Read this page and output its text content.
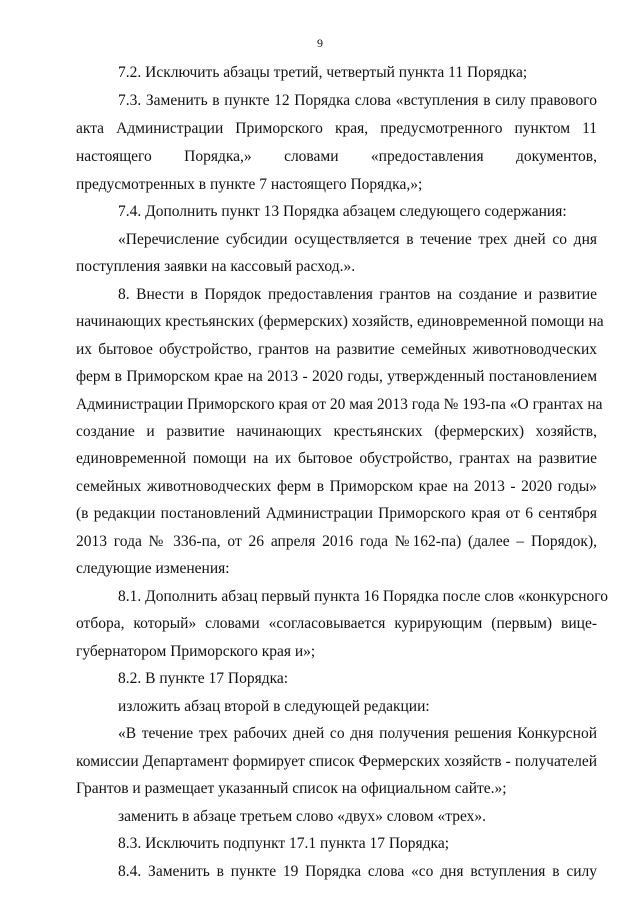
9
7.2. Исключить абзацы третий, четвертый пункта 11 Порядка;
7.3. Заменить в пункте 12 Порядка слова «вступления в силу правового
акта Администрации Приморского края, предусмотренного пунктом 11
настоящего Порядка,» словами «предоставления документов,
предусмотренных в пункте 7 настоящего Порядка,»;
7.4. Дополнить пункт 13 Порядка абзацем следующего содержания:
«Перечисление субсидии осуществляется в течение трех дней со дня
поступления заявки на кассовый расход.».
8. Внести в Порядок предоставления грантов на создание и развитие
начинающих крестьянских (фермерских) хозяйств, единовременной помощи на
их бытовое обустройство, грантов на развитие семейных животноводческих
ферм в Приморском крае на 2013 - 2020 годы, утвержденный постановлением
Администрации Приморского края от 20 мая 2013 года № 193-па «О грантах на
создание и развитие начинающих крестьянских (фермерских) хозяйств,
единовременной помощи на их бытовое обустройство, грантах на развитие
семейных животноводческих ферм в Приморском крае на 2013 - 2020 годы»
(в редакции постановлений Администрации Приморского края от 6 сентября
2013 года № 336-па, от 26 апреля 2016 года №162-па) (далее – Порядок),
следующие изменения:
8.1. Дополнить абзац первый пункта 16 Порядка после слов «конкурсного
отбора, который» словами «согласовывается курирующим (первым) вице-
губернатором Приморского края и»;
8.2. В пункте 17 Порядка:
изложить абзац второй в следующей редакции:
«В течение трех рабочих дней со дня получения решения Конкурсной
комиссии Департамент формирует список Фермерских хозяйств - получателей
Грантов и размещает указанный список на официальном сайте.»;
заменить в абзаце третьем слово «двух» словом «трех».
8.3. Исключить подпункт 17.1 пункта 17 Порядка;
8.4. Заменить в пункте 19 Порядка слова «со дня вступления в силу
